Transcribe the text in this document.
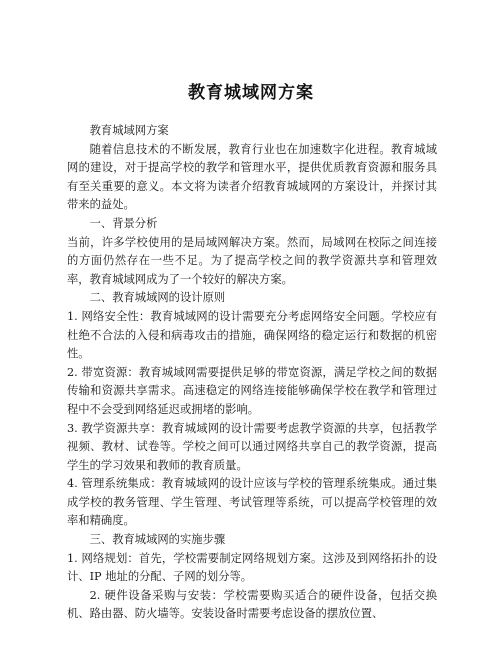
教育城域网方案

教育城域网方案

随着信息技术的不断发展，教育行业也在加速数字化进程。教育城域网的建设，对于提高学校的教学和管理水平，提供优质教育资源和服务具有至关重要的意义。本文将为读者介绍教育城域网的方案设计，并探讨其带来的益处。

一、背景分析

当前，许多学校使用的是局域网解决方案。然而，局域网在校际之间连接的方面仍然存在一些不足。为了提高学校之间的教学资源共享和管理效率，教育城域网成为了一个较好的解决方案。

二、教育城域网的设计原则

1. 网络安全性：教育城域网的设计需要充分考虑网络安全问题。学校应有杜绝不合法的入侵和病毒攻击的措施，确保网络的稳定运行和数据的机密性。

2. 带宽资源：教育城域网需要提供足够的带宽资源，满足学校之间的数据传输和资源共享需求。高速稳定的网络连接能够确保学校在教学和管理过程中不会受到网络延迟或拥堵的影响。

3. 教学资源共享：教育城域网的设计需要考虑教学资源的共享，包括教学视频、教材、试卷等。学校之间可以通过网络共享自己的教学资源，提高学生的学习效果和教师的教育质量。

4. 管理系统集成：教育城域网的设计应该与学校的管理系统集成。通过集成学校的教务管理、学生管理、考试管理等系统，可以提高学校管理的效率和精确度。

三、教育城域网的实施步骤

1. 网络规划：首先，学校需要制定网络规划方案。这涉及到网络拓扑的设计、IP 地址的分配、子网的划分等。

2. 硬件设备采购与安装：学校需要购买适合的硬件设备，包括交换机、路由器、防火墙等。安装设备时需要考虑设备的摆放位置、
